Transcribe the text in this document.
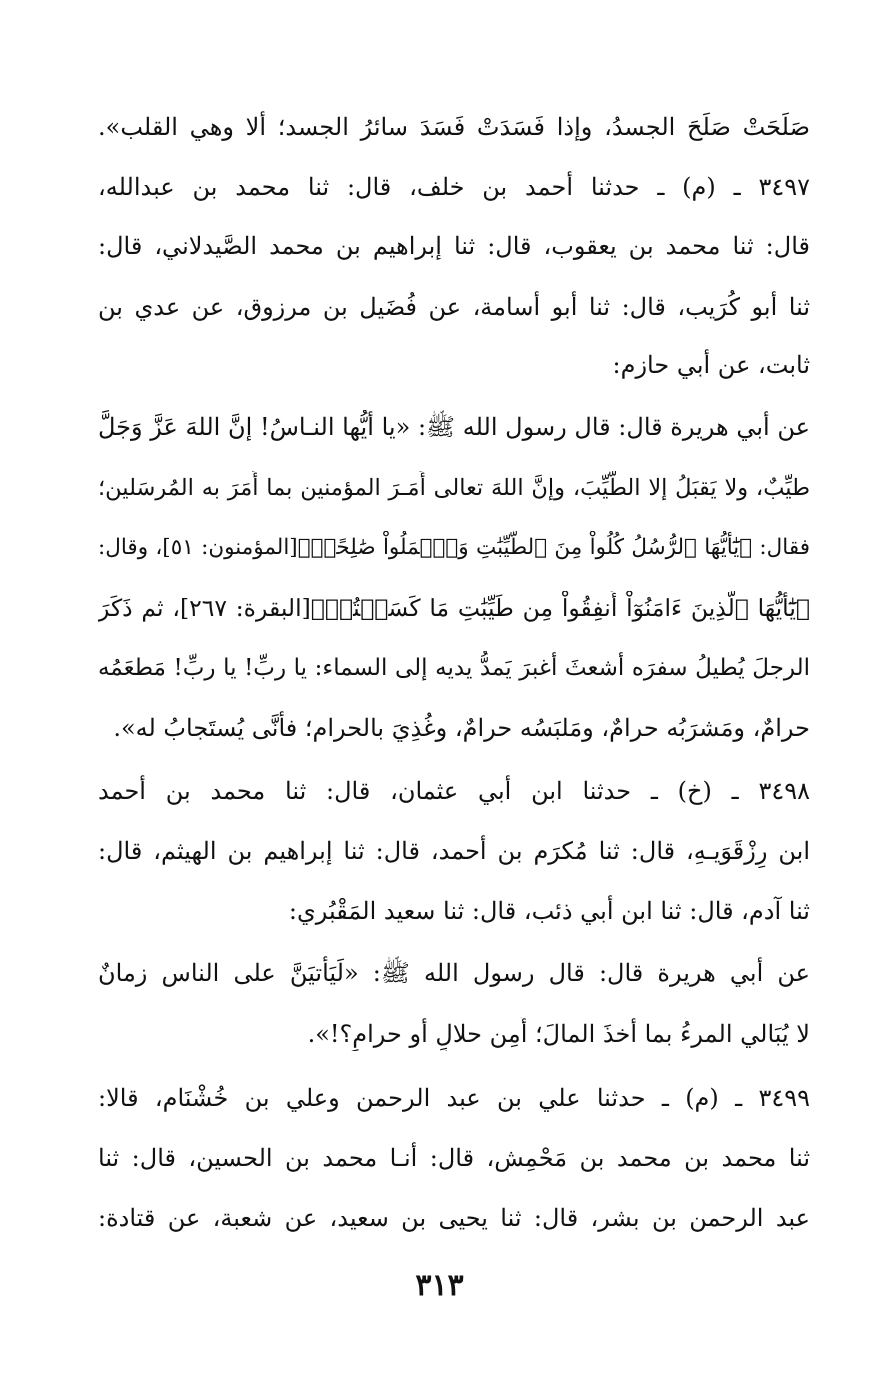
صَلَحَتْ صَلَحَ الجسدُ، وإذا فَسَدَتْ فَسَدَ سائرُ الجسد؛ ألا وهي القلب».
٣٤٩٧ ـ (م) ـ حدثنا أحمد بن خلف، قال: ثنا محمد بن عبدالله،
قال: ثنا محمد بن يعقوب، قال: ثنا إبراهيم بن محمد الصَّيدلاني، قال:
ثنا أبو كُرَيب، قال: ثنا أبو أسامة، عن فُضَيل بن مرزوق، عن عدي بن
ثابت، عن أبي حازم:
عن أبي هريرة قال: قال رسول الله ﷺ: «يا أيُّها النـاسُ! إنَّ اللهَ عَزَّ وَجَلَّ
طيِّبٌ، ولا يَقبَلُ إلا الطَّيِّبَ، وإنَّ اللهَ تعالى أَمَـرَ المؤمنين بما أَمَرَ به المُرسَلين؛
فقال: ﴿يَٰٓأَيُّهَا ٱلرُّسُلُ كُلُواْ مِنَ ٱلطَّيِّبَٰتِ وَٱعۡمَلُواْ صَٰلِحًاۖ﴾[المؤمنون: ٥١]، وقال:
﴿يَٰٓأَيُّهَا ٱلَّذِينَ ءَامَنُوٓاْ أَنفِقُواْ مِن طَيِّبَٰتِ مَا كَسَبۡتُمۡ﴾[البقرة: ٢٦٧]، ثم ذَكَرَ
الرجلَ يُطيلُ سفرَه أشعثَ أغبرَ يَمدُّ يديه إلى السماء: يا ربِّ! يا ربِّ! مَطعَمُه
حرامٌ، ومَشرَبُه حرامٌ، ومَلبَسُه حرامٌ، وغُذِيَ بالحرام؛ فأنَّى يُستَجابُ له».
٣٤٩٨ ـ (خ) ـ حدثنا ابن أبي عثمان، قال: ثنا محمد بن أحمد
ابن رِزْقَوَيـهِ، قال: ثنا مُكرَم بن أحمد، قال: ثنا إبراهيم بن الهيثم، قال:
ثنا آدم، قال: ثنا ابن أبي ذئب، قال: ثنا سعيد المَقْبُري:
عن أبي هريرة قال: قال رسول الله ﷺ: «لَيَأتيَنَّ على الناس زمانٌ
لا يُبَالي المرءُ بما أخذَ المالَ؛ أَمِن حلالٍ أو حرامٍ؟!».
٣٤٩٩ ـ (م) ـ حدثنا علي بن عبد الرحمن وعلي بن خُشْنَام، قالا:
ثنا محمد بن محمد بن مَحْمِش، قال: أنـا محمد بن الحسين، قال: ثنا
عبد الرحمن بن بشر، قال: ثنا يحيى بن سعيد، عن شعبة، عن قتادة:
٣١٣
